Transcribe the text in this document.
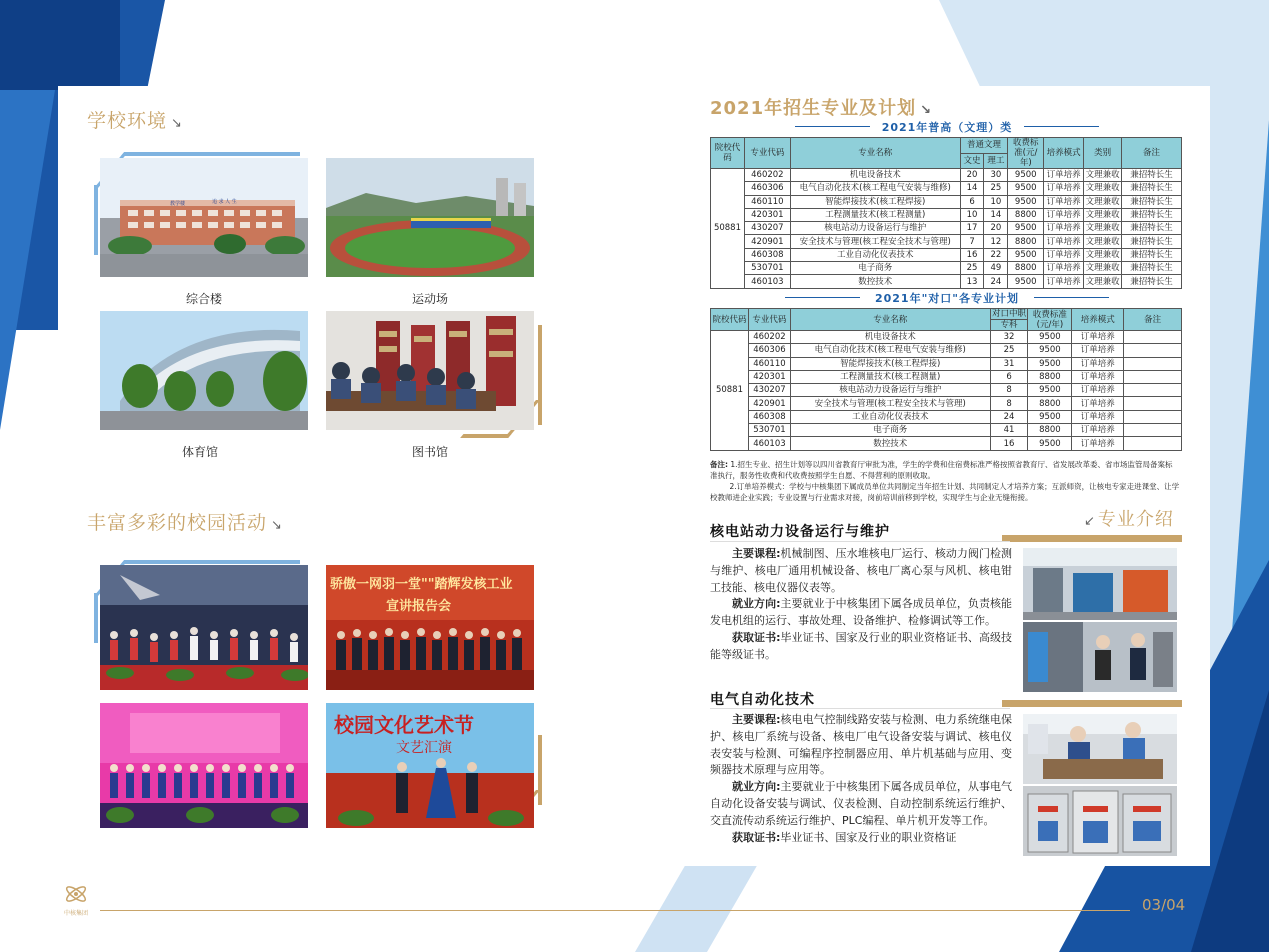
学校环境 ↘
教学楼	追 求 人 生
综合楼	运动场
体育馆	图书馆
丰富多彩的校园活动 ↘
骄傲一网羽一堂""踏辉发核工业
宣讲报告会
校园文化艺术节
文艺汇演
2021年招生专业及计划 ↘
2021年普高（文理）类
院校代码	专业代码	专业名称	普通文理		收费标准(元/年)	培养模式	类别	备注
			文史	理工				
50881	460202	机电设备技术	20	30	9500	订单培养	文理兼收	兼招特长生
	460306	电气自动化技术(核工程电气安装与维修)	14	25	9500	订单培养	文理兼收	兼招特长生
	460110	智能焊接技术(核工程焊接)	6	10	9500	订单培养	文理兼收	兼招特长生
	420301	工程测量技术(核工程测量)	10	14	8800	订单培养	文理兼收	兼招特长生
	430207	核电站动力设备运行与维护	17	20	9500	订单培养	文理兼收	兼招特长生
	420901	安全技术与管理(核工程安全技术与管理)	7	12	8800	订单培养	文理兼收	兼招特长生
	460308	工业自动化仪表技术	16	22	9500	订单培养	文理兼收	兼招特长生
	530701	电子商务	25	49	8800	订单培养	文理兼收	兼招特长生
	460103	数控技术	13	24	9500	订单培养	文理兼收	兼招特长生
2021年"对口"各专业计划
院校代码	专业代码	专业名称	对口中职	收费标准(元/年)	培养模式	备注
			专科			
50881	460202	机电设备技术	32	9500	订单培养	
	460306	电气自动化技术(核工程电气安装与维修)	25	9500	订单培养	
	460110	智能焊接技术(核工程焊接)	31	9500	订单培养	
	420301	工程测量技术(核工程测量)	6	8800	订单培养	
	430207	核电站动力设备运行与维护	8	9500	订单培养	
	420901	安全技术与管理(核工程安全技术与管理)	8	8800	订单培养	
	460308	工业自动化仪表技术	24	9500	订单培养	
	530701	电子商务	41	8800	订单培养	
	460103	数控技术	16	9500	订单培养	
备注: 1.招生专业、招生计划等以四川省教育厅审批为准，学生的学费和住宿费标准严格按照省教育厅、省发展改革委、省市场监管局备案标准执行，服务性收费和代收费按照学生自愿、不得营利的原则收取。
2.订单培养模式：学校与中核集团下属成员单位共同制定当年招生计划、共同制定人才培养方案；互派师资，让核电专家走进课堂、让学校教师进企业实践；专业设置与行业需求对接，岗前培训前移到学校，实现学生与企业无缝衔接。
↙ 专业介绍
核电站动力设备运行与维护

主要课程:机械制图、压水堆核电厂运行、核动力阀门检测与维护、核电厂通用机械设备、核电厂离心泵与风机、核电钳工技能、核电仪器仪表等。

就业方向:主要就业于中核集团下属各成员单位，负责核能发电机组的运行、事故处理、设备维护、检修调试等工作。

获取证书:毕业证书、国家及行业的职业资格证书、高级技能等级证书。

电气自动化技术

主要课程:核电电气控制线路安装与检测、电力系统继电保护、核电厂系统与设备、核电厂电气设备安装与调试、核电仪表安装与检测、可编程序控制器应用、单片机基础与应用、变频器技术原理与应用等。

就业方向:主要就业于中核集团下属各成员单位，从事电气自动化设备安装与调试、仪表检测、自动控制系统运行维护、交直流传动系统运行维护、PLC编程、单片机开发等工作。

获取证书:毕业证书、国家及行业的职业资格证

中核集团	03/04
